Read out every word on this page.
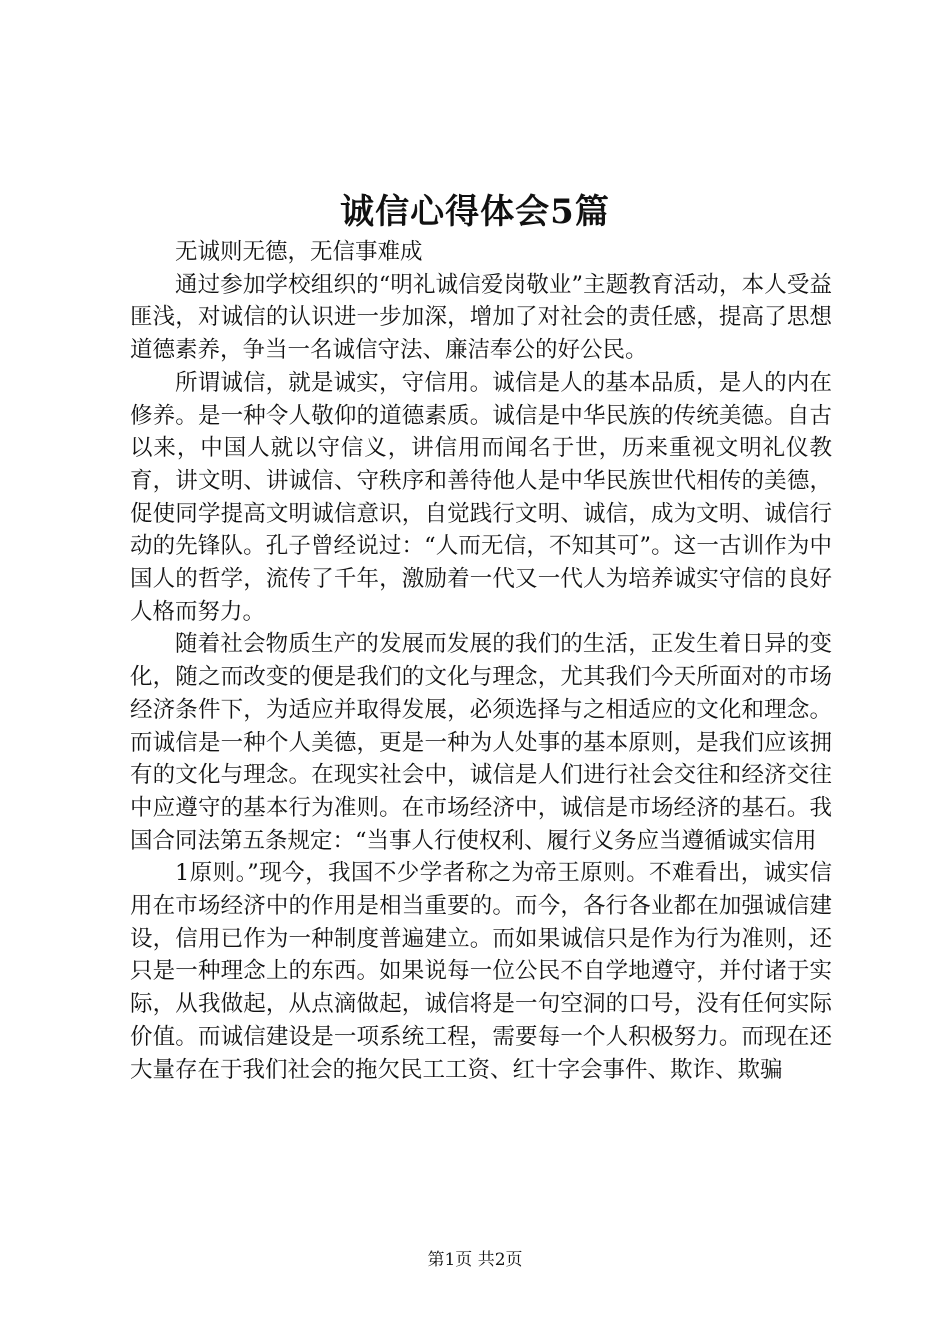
诚信心得体会5篇

无诚则无德，无信事难成

通过参加学校组织的“明礼诚信爱岗敬业”主题教育活动，本人受益匪浅，对诚信的认识进一步加深，增加了对社会的责任感，提高了思想道德素养，争当一名诚信守法、廉洁奉公的好公民。

所谓诚信，就是诚实，守信用。诚信是人的基本品质，是人的内在修养。是一种令人敬仰的道德素质。诚信是中华民族的传统美德。自古以来，中国人就以守信义，讲信用而闻名于世，历来重视文明礼仪教育，讲文明、讲诚信、守秩序和善待他人是中华民族世代相传的美德，促使同学提高文明诚信意识，自觉践行文明、诚信，成为文明、诚信行动的先锋队。孔子曾经说过：“人而无信，不知其可”。这一古训作为中国人的哲学，流传了千年，激励着一代又一代人为培养诚实守信的良好人格而努力。

随着社会物质生产的发展而发展的我们的生活，正发生着日异的变化，随之而改变的便是我们的文化与理念，尤其我们今天所面对的市场经济条件下，为适应并取得发展，必须选择与之相适应的文化和理念。而诚信是一种个人美德，更是一种为人处事的基本原则，是我们应该拥有的文化与理念。在现实社会中，诚信是人们进行社会交往和经济交往中应遵守的基本行为准则。在市场经济中，诚信是市场经济的基石。我国合同法第五条规定：“当事人行使权利、履行义务应当遵循诚实信用

1原则。”现今，我国不少学者称之为帝王原则。不难看出，诚实信用在市场经济中的作用是相当重要的。而今，各行各业都在加强诚信建设，信用已作为一种制度普遍建立。而如果诚信只是作为行为准则，还只是一种理念上的东西。如果说每一位公民不自学地遵守，并付诸于实际，从我做起，从点滴做起，诚信将是一句空洞的口号，没有任何实际价值。而诚信建设是一项系统工程，需要每一个人积极努力。而现在还大量存在于我们社会的拖欠民工工资、红十字会事件、欺诈、欺骗

第1页 共2页
